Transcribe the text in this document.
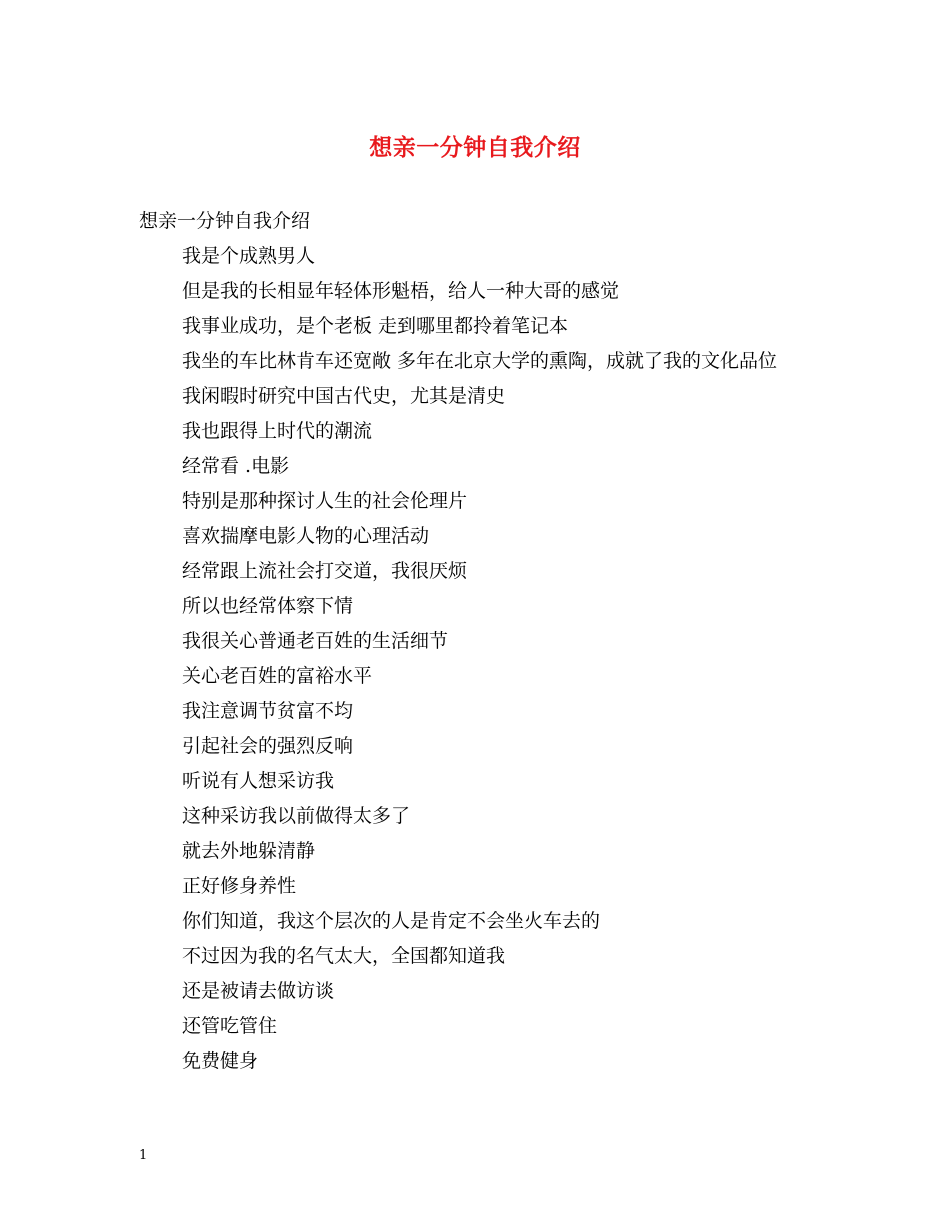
想亲一分钟自我介绍

想亲一分钟自我介绍

我是个成熟男人

但是我的长相显年轻体形魁梧，给人一种大哥的感觉

我事业成功，是个老板 走到哪里都拎着笔记本

我坐的车比林肯车还宽敞 多年在北京大学的熏陶，成就了我的文化品位

我闲暇时研究中国古代史，尤其是清史

我也跟得上时代的潮流

经常看 .电影

特别是那种探讨人生的社会伦理片

喜欢揣摩电影人物的心理活动

经常跟上流社会打交道，我很厌烦

所以也经常体察下情

我很关心普通老百姓的生活细节

关心老百姓的富裕水平

我注意调节贫富不均

引起社会的强烈反响

听说有人想采访我

这种采访我以前做得太多了

就去外地躲清静

正好修身养性

你们知道，我这个层次的人是肯定不会坐火车去的

不过因为我的名气太大，全国都知道我

还是被请去做访谈

还管吃管住

免费健身

1
